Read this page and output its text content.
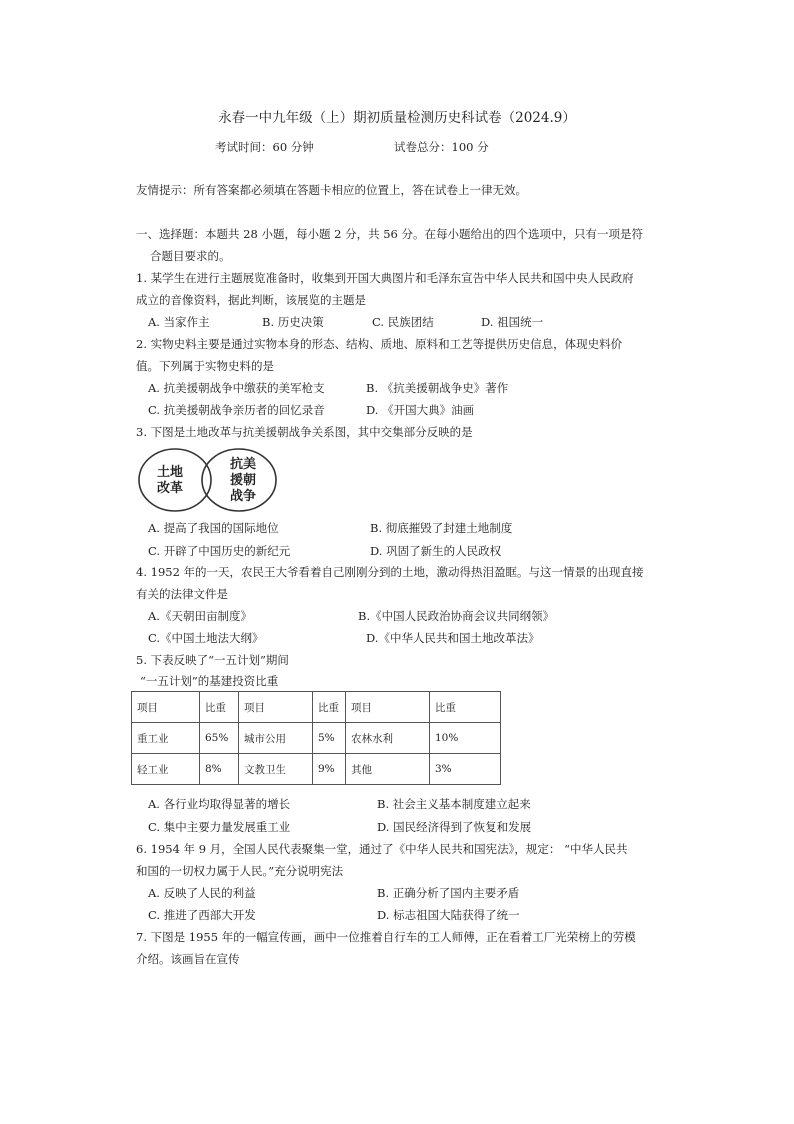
永春一中九年级（上）期初质量检测历史科试卷（2024.9）
考试时间：60 分钟	试卷总分：100 分
友情提示：所有答案都必须填在答题卡相应的位置上，答在试卷上一律无效。
一、选择题：本题共 28 小题，每小题 2 分，共 56 分。在每小题给出的四个选项中，只有一项是符
合题目要求的。
1. 某学生在进行主题展览准备时，收集到开国大典图片和毛泽东宣告中华人民共和国中央人民政府
成立的音像资料，据此判断，该展览的主题是
A. 当家作主	B. 历史决策	C. 民族团结	D. 祖国统一
2. 实物史料主要是通过实物本身的形态、结构、质地、原料和工艺等提供历史信息，体现史料价
值。下列属于实物史料的是
A. 抗美援朝战争中缴获的美军枪支	B. 《抗美援朝战争史》著作
C. 抗美援朝战争亲历者的回忆录音	D. 《开国大典》油画
3. 下图是土地改革与抗美援朝战争关系图，其中交集部分反映的是
土地
改革
抗美
援朝
战争
A. 提高了我国的国际地位	B. 彻底摧毁了封建土地制度
C. 开辟了中国历史的新纪元	D. 巩固了新生的人民政权
4. 1952 年的一天，农民王大爷看着自己刚刚分到的土地，激动得热泪盈眶。与这一情景的出现直接
有关的法律文件是
A.《天朝田亩制度》	B.《中国人民政治协商会议共同纲领》
C.《中国土地法大纲》	D.《中华人民共和国土地改革法》
5. 下表反映了“一五计划”期间
“一五计划”的基建投资比重
项目	比重	项目	比重	项目	比重
重工业	65%	城市公用	5%	农林水利	10%
轻工业	8%	文教卫生	9%	其他	3%
A. 各行业均取得显著的增长	B. 社会主义基本制度建立起来
C. 集中主要力量发展重工业	D. 国民经济得到了恢复和发展
6. 1954 年 9 月，全国人民代表聚集一堂，通过了《中华人民共和国宪法》，规定： “中华人民共
和国的一切权力属于人民。”充分说明宪法
A. 反映了人民的利益	B. 正确分析了国内主要矛盾
C. 推进了西部大开发	D. 标志祖国大陆获得了统一
7. 下图是 1955 年的一幅宣传画，画中一位推着自行车的工人师傅，正在看着工厂光荣榜上的劳模
介绍。该画旨在宣传
